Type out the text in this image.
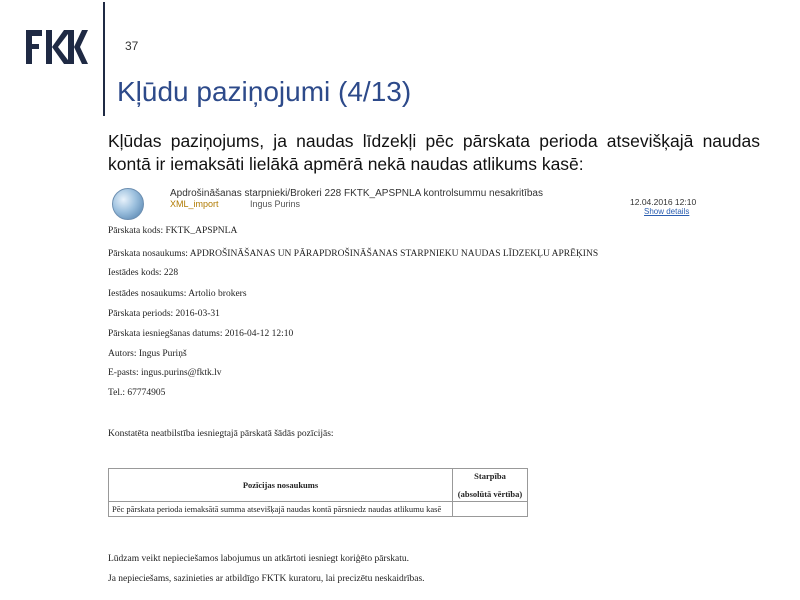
37
Kļūdu paziņojumi (4/13)

Kļūdas paziņojums, ja naudas līdzekļi pēc pārskata perioda atsevišķajā naudas kontā ir iemaksāti lielākā apmērā nekā naudas atlikums kasē:

Apdrošināšanas starpnieki/Brokeri 228 FKTK_APSPNLA kontrolsummu nesakritības
XML_import	Ingus Purins	12.04.2016 12:10
Show details
Pārskata kods: FKTK_APSPNLA
Pārskata nosaukums: APDROŠINĀŠANAS UN PĀRAPDROŠINĀŠANAS STARPNIEKU NAUDAS LĪDZEKĻU APRĒĶINS
Iestādes kods: 228
Iestādes nosaukums: Artolio brokers
Pārskata periods: 2016-03-31
Pārskata iesniegšanas datums: 2016-04-12 12:10
Autors: Ingus Puriņš
E-pasts: ingus.purins@fktk.lv
Tel.: 67774905
Konstatēta neatbilstība iesniegtajā pārskatā šādās pozīcijās:
Pozīcijas nosaukums	Starpība
(absolūtā vērtība)

Pēc pārskata perioda iemaksātā summa atsevišķajā naudas kontā pārsniedz naudas atlikumu kasē	
Lūdzam veikt nepieciešamos labojumus un atkārtoti iesniegt koriģēto pārskatu.
Ja nepieciešams, sazinieties ar atbildīgo FKTK kuratoru, lai precizētu neskaidrības.
